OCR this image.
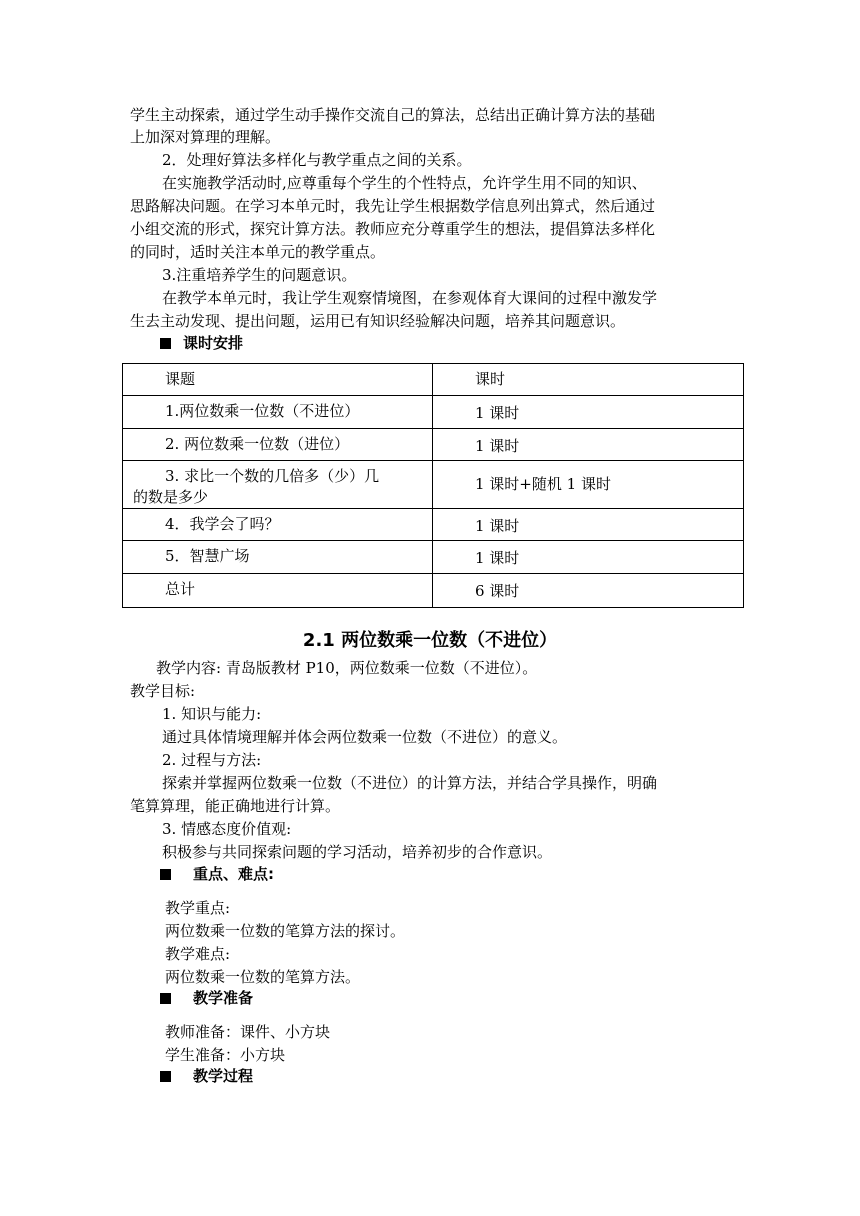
学生主动探索，通过学生动手操作交流自己的算法，总结出正确计算方法的基础
上加深对算理的理解。
2．处理好算法多样化与教学重点之间的关系。
在实施教学活动时,应尊重每个学生的个性特点，允许学生用不同的知识、
思路解决问题。在学习本单元时，我先让学生根据数学信息列出算式，然后通过
小组交流的形式，探究计算方法。教师应充分尊重学生的想法，提倡算法多样化
的同时，适时关注本单元的教学重点。
3.注重培养学生的问题意识。
在教学本单元时，我让学生观察情境图，在参观体育大课间的过程中激发学
生去主动发现、提出问题，运用已有知识经验解决问题，培养其问题意识。
课时安排
课题	课时

1.两位数乘一位数（不进位）	1 课时

2. 两位数乘一位数（进位）	1 课时

3. 求比一个数的几倍多（少）几
的数是多少	1 课时+随机 1 课时

4．我学会了吗？	1 课时

5．智慧广场	1 课时

总计	6 课时
2.1 两位数乘一位数（不进位）
教学内容: 青岛版教材 P10，两位数乘一位数（不进位）。
教学目标:
1. 知识与能力:
通过具体情境理解并体会两位数乘一位数（不进位）的意义。
2. 过程与方法:
探索并掌握两位数乘一位数（不进位）的计算方法，并结合学具操作，明确
笔算算理，能正确地进行计算。
3. 情感态度价值观:
积极参与共同探索问题的学习活动，培养初步的合作意识。
重点、难点:
教学重点:
两位数乘一位数的笔算方法的探讨。
教学难点:
两位数乘一位数的笔算方法。
教学准备
教师准备：课件、小方块
学生准备：小方块
教学过程
